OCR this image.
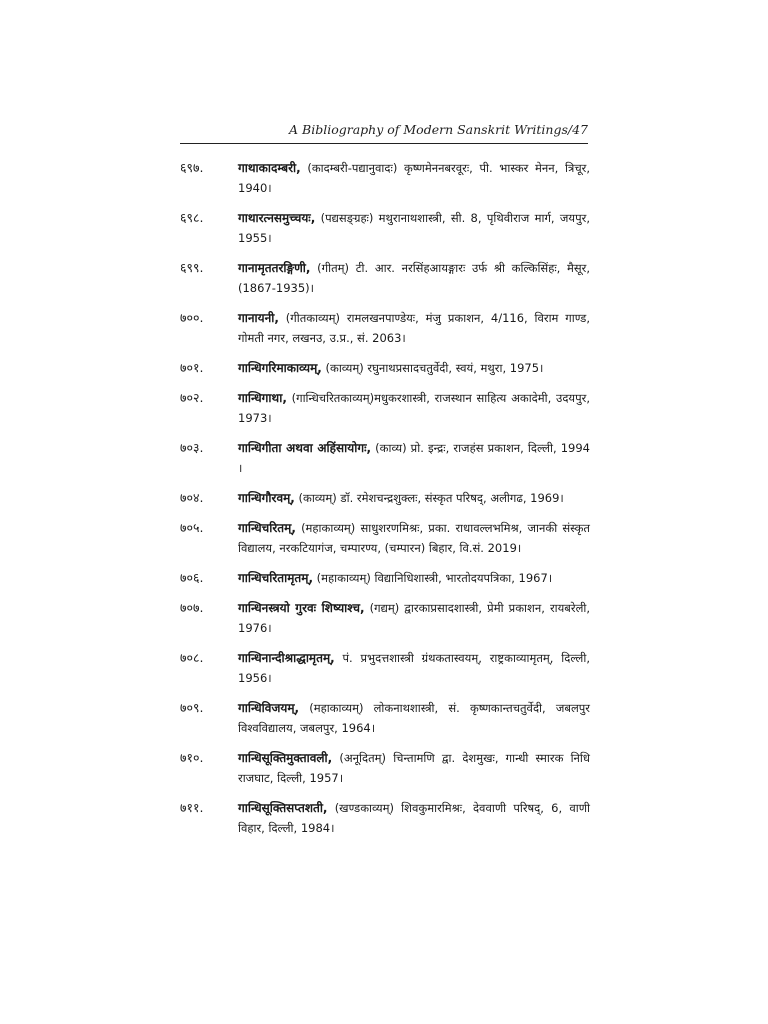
A Bibliography of Modern Sanskrit Writings/47
६९७.	गाथाकादम्बरी, (कादम्बरी-पद्यानुवादः) कृष्णमेननबरवूरः, पी. भास्कर मेनन, त्रिचूर, 1940।
६९८.	गाथारत्नसमुच्चयः, (पद्यसङ्ग्रहः) मथुरानाथशास्त्री, सी. 8, पृथिवीराज मार्ग, जयपुर, 1955।
६९९.	गानामृततरङ्गिणी, (गीतम्) टी. आर. नरसिंहआयङ्गारः उर्फ श्री कल्किसिंहः, मैसूर, (1867-1935)।
७००.	गानायनी, (गीतकाव्यम्) रामलखनपाण्डेयः, मंजु प्रकाशन, 4/116, विराम गाण्ड, गोमती नगर, लखनउ, उ.प्र., सं. 2063।
७०१.	गान्धिगरिमाकाव्यम्, (काव्यम्) रघुनाथप्रसादचतुर्वेदी, स्वयं, मथुरा, 1975।
७०२.	गान्धिगाथा, (गान्धिचरितकाव्यम्)मधुकरशास्त्री, राजस्थान साहित्य अकादेमी, उदयपुर, 1973।
७०३.	गान्धिगीता अथवा अहिंसायोगः, (काव्य) प्रो. इन्द्रः, राजहंस प्रकाशन, दिल्ली, 1994 ।
७०४.	गान्धिगौरवम्, (काव्यम्) डॉ. रमेशचन्द्रशुक्लः, संस्कृत परिषद्, अलीगढ, 1969।
७०५.	गान्धिचरितम्, (महाकाव्यम्) साधुशरणमिश्रः, प्रका. राधावल्लभमिश्र, जानकी संस्कृत विद्यालय, नरकटियागंज, चम्पारण्य, (चम्पारन) बिहार, वि.सं. 2019।
७०६.	गान्धिचरितामृतम्, (महाकाव्यम्) विद्यानिधिशास्त्री, भारतोदयपत्रिका, 1967।
७०७.	गान्धिनस्त्रयो गुरवः शिष्याश्च, (गद्यम्) द्वारकाप्रसादशास्त्री, प्रेमी प्रकाशन, रायबरेली, 1976।
७०८.	गान्धिनान्दीश्राद्धामृतम्, पं. प्रभुदत्तशास्त्री ग्रंथकतास्वयम्, राष्ट्रकाव्यामृतम्, दिल्ली, 1956।
७०९.	गान्धिविजयम्, (महाकाव्यम्) लोकनाथशास्त्री, सं. कृष्णकान्तचतुर्वेदी, जबलपुर विश्वविद्यालय, जबलपुर, 1964।
७१०.	गान्धिसूक्तिमुक्तावली, (अनूदितम्) चिन्तामणि द्वा. देशमुखः, गान्धी स्मारक निधि राजघाट, दिल्ली, 1957।
७११.	गान्धिसूक्तिसप्तशती, (खण्डकाव्यम्) शिवकुमारमिश्रः, देववाणी परिषद्, 6, वाणी विहार, दिल्ली, 1984।
